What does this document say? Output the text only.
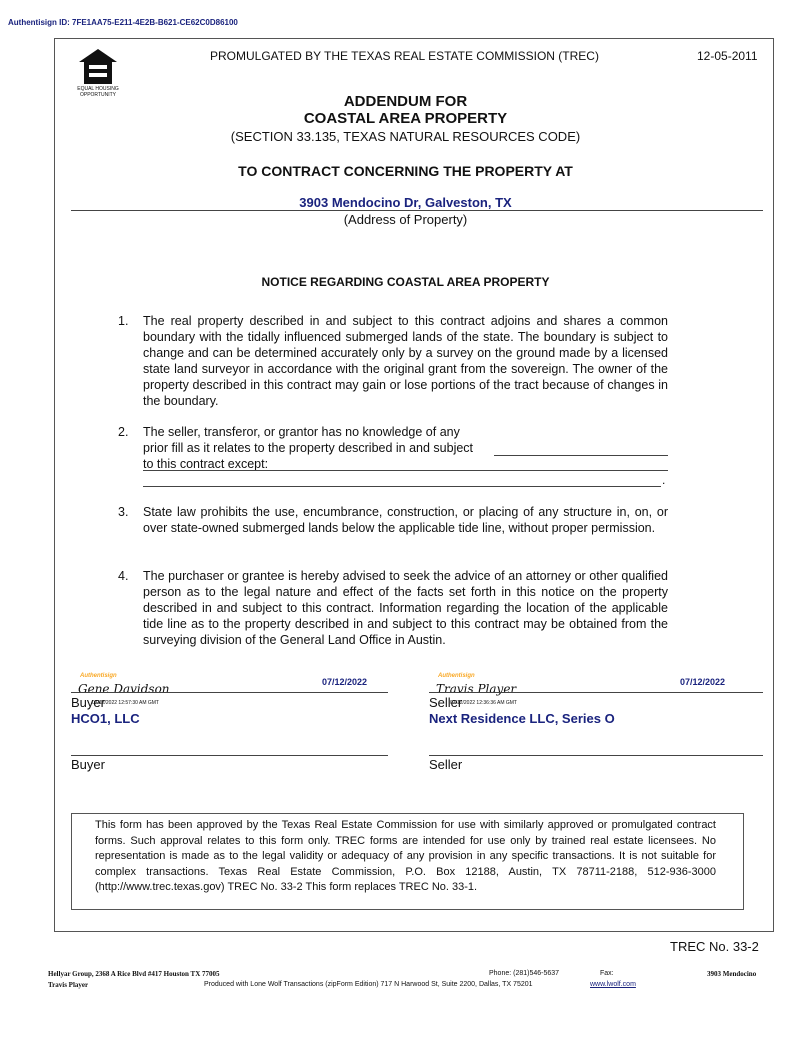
Authentisign ID: 7FE1AA75-E211-4E2B-B621-CE62C0D86100
EQUAL HOUSING OPPORTUNITY
PROMULGATED BY THE TEXAS REAL ESTATE COMMISSION (TREC)	12-05-2011
ADDENDUM FOR
COASTAL AREA PROPERTY
(SECTION 33.135, TEXAS NATURAL RESOURCES CODE)
TO CONTRACT CONCERNING THE PROPERTY AT
3903 Mendocino Dr, Galveston, TX
(Address of Property)
NOTICE REGARDING COASTAL AREA PROPERTY
1. The real property described in and subject to this contract adjoins and shares a common boundary with the tidally influenced submerged lands of the state. The boundary is subject to change and can be determined accurately only by a survey on the ground made by a licensed state land surveyor in accordance with the original grant from the sovereign. The owner of the property described in this contract may gain or lose portions of the tract because of changes in the boundary.
2. The seller, transferor, or grantor has no knowledge of any prior fill as it relates to the property described in and subject to this contract except:
.
3. State law prohibits the use, encumbrance, construction, or placing of any structure in, on, or over state-owned submerged lands below the applicable tide line, without proper permission.
4. The purchaser or grantee is hereby advised to seek the advice of an attorney or other qualified person as to the legal nature and effect of the facts set forth in this notice on the property described in and subject to this contract. Information regarding the location of the applicable tide line as to the property described in and subject to this contract may be obtained from the surveying division of the General Land Office in Austin.
Authentisign
Gene Davidson	07/12/2022
07/12/2022 12:57:30 AM GMT
Buyer
HCO1, LLC
Authentisign
Travis Player	07/12/2022
07/12/2022 12:36:36 AM GMT
Seller
Next Residence LLC, Series O
Buyer	Seller
This form has been approved by the Texas Real Estate Commission for use with similarly approved or promulgated contract forms. Such approval relates to this form only. TREC forms are intended for use only by trained real estate licensees. No representation is made as to the legal validity or adequacy of any provision in any specific transactions. It is not suitable for complex transactions. Texas Real Estate Commission, P.O. Box 12188, Austin, TX 78711-2188, 512-936-3000 (http://www.trec.texas.gov) TREC No. 33-2 This form replaces TREC No. 33-1.
TREC No. 33-2
Hellyar Group, 2368 A Rice Blvd #417 Houston TX 77005	Phone: (281)546-5637	Fax:	3903 Mendocino
Travis Player	Produced with Lone Wolf Transactions (zipForm Edition) 717 N Harwood St, Suite 2200, Dallas, TX 75201	www.lwolf.com
